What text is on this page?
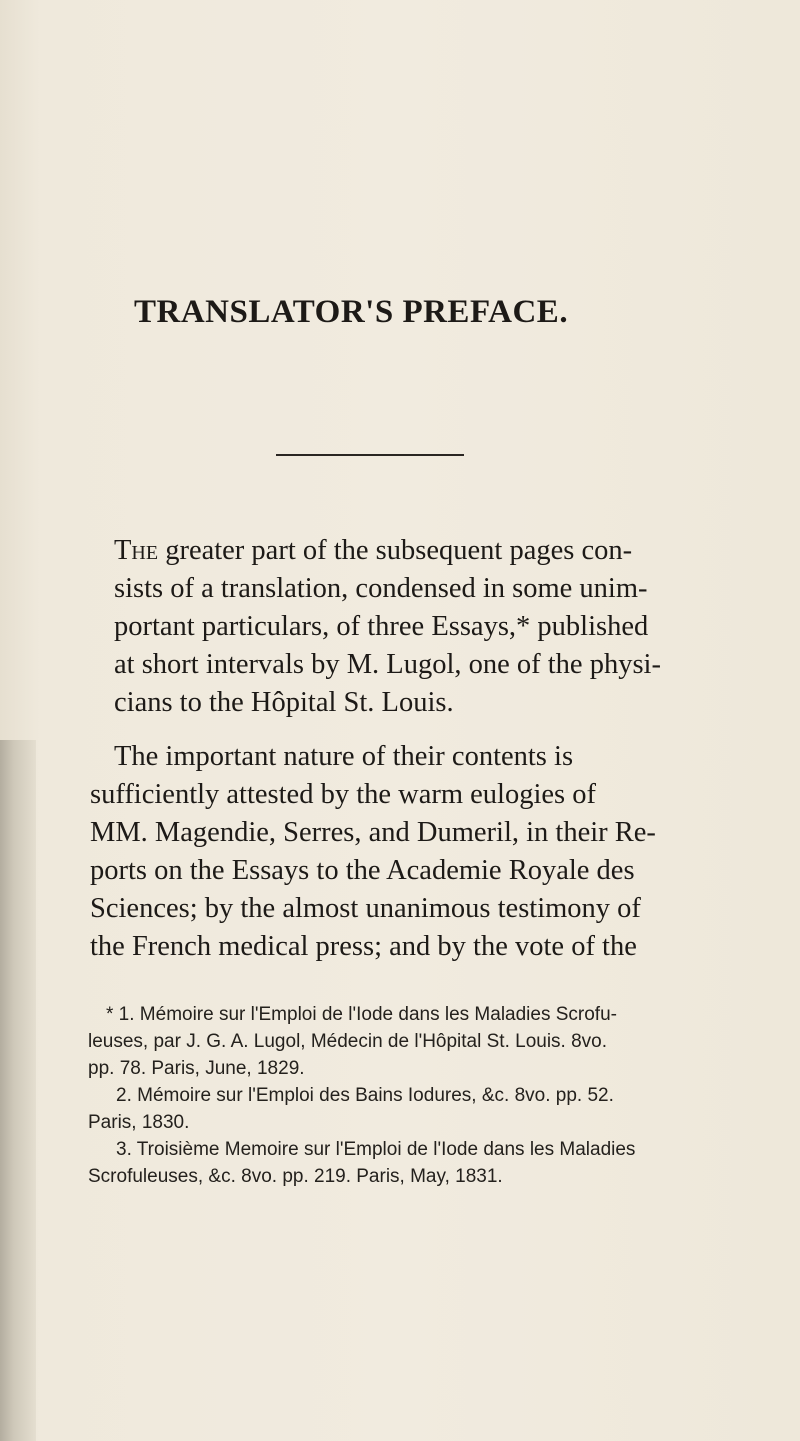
TRANSLATOR'S PREFACE.

The greater part of the subsequent pages con-
sists of a translation, condensed in some unim-
portant particulars, of three Essays,* published
at short intervals by M. Lugol, one of the physi-
cians to the Hôpital St. Louis.

The important nature of their contents is
sufficiently attested by the warm eulogies of
MM. Magendie, Serres, and Dumeril, in their Re-
ports on the Essays to the Academie Royale des
Sciences; by the almost unanimous testimony of
the French medical press; and by the vote of the

* 1. Mémoire sur l'Emploi de l'Iode dans les Maladies Scrofu-
leuses, par J. G. A. Lugol, Médecin de l'Hôpital St. Louis. 8vo.
pp. 78. Paris, June, 1829.
2. Mémoire sur l'Emploi des Bains Iodures, &c. 8vo. pp. 52.
Paris, 1830.
3. Troisième Memoire sur l'Emploi de l'Iode dans les Maladies
Scrofuleuses, &c. 8vo. pp. 219. Paris, May, 1831.
